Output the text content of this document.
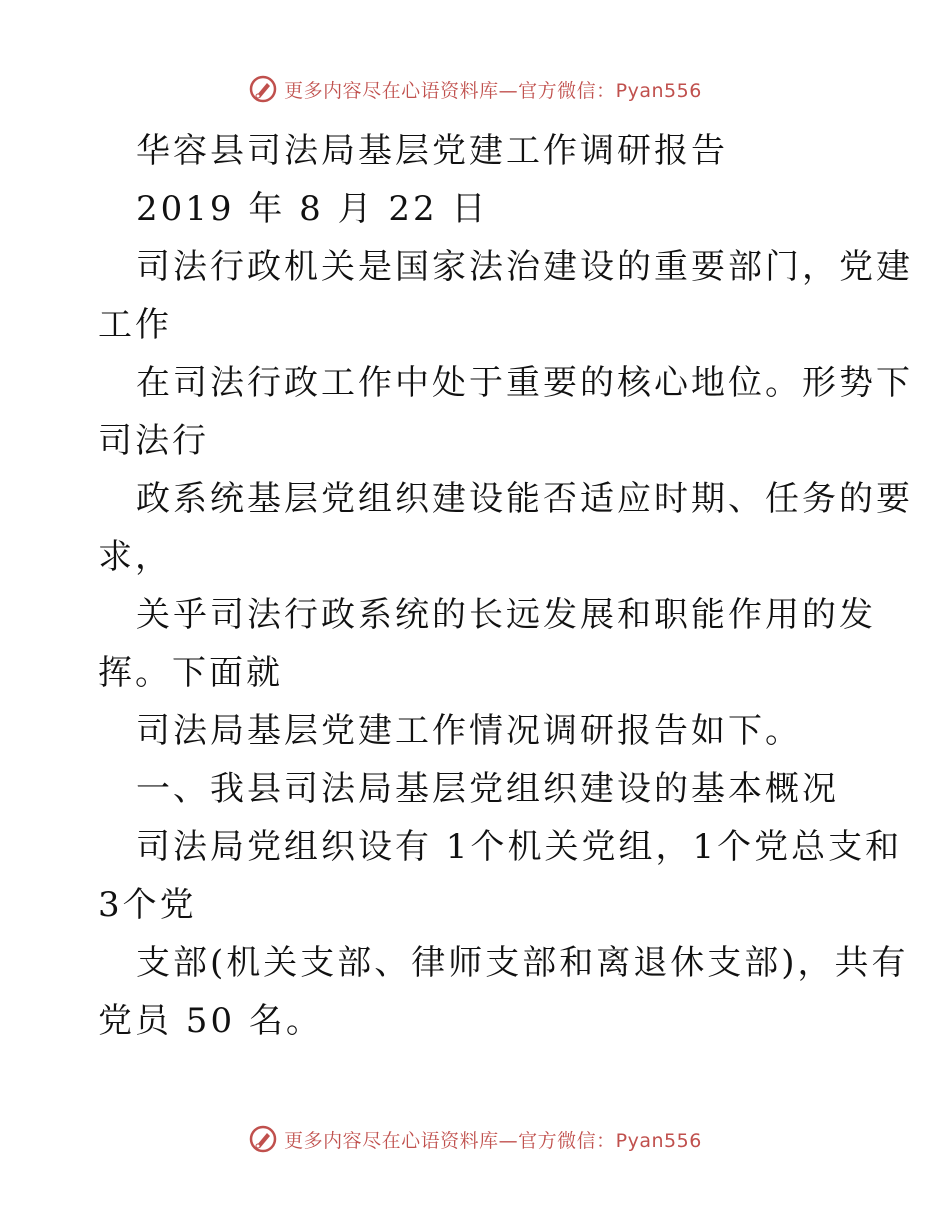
更多内容尽在心语资料库—官方微信：Pyan556
华容县司法局基层党建工作调研报告
2019 年 8 月 22 日
司法行政机关是国家法治建设的重要部门，党建
工作
在司法行政工作中处于重要的核心地位。形势下
司法行
政系统基层党组织建设能否适应时期、任务的要
求，
关乎司法行政系统的长远发展和职能作用的发
挥。下面就
司法局基层党建工作情况调研报告如下。
一、我县司法局基层党组织建设的基本概况
司法局党组织设有 1个机关党组，1个党总支和
3个党
支部(机关支部、律师支部和离退休支部)，共有
党员 50 名。
更多内容尽在心语资料库—官方微信：Pyan556
